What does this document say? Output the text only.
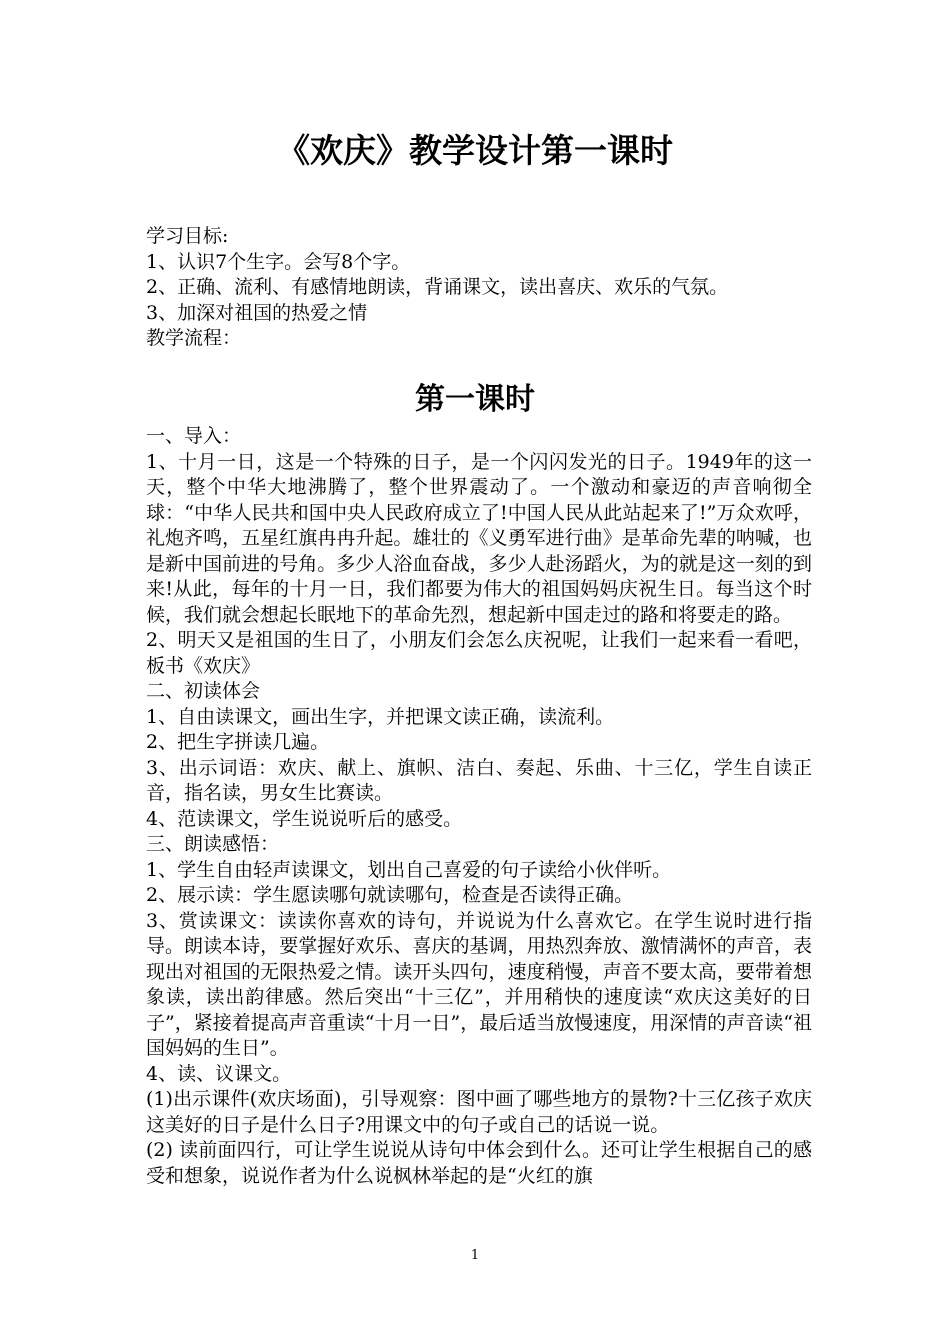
《欢庆》教学设计第一课时

学习目标:

1、认识7个生字。会写8个字。

2、正确、流利、有感情地朗读，背诵课文，读出喜庆、欢乐的气氛。

3、加深对祖国的热爱之情

教学流程：

第一课时

一、导入：

1、十月一日，这是一个特殊的日子，是一个闪闪发光的日子。1949年的这一天，整个中华大地沸腾了，整个世界震动了。一个激动和豪迈的声音响彻全球：“中华人民共和国中央人民政府成立了!中国人民从此站起来了!”万众欢呼，礼炮齐鸣，五星红旗冉冉升起。雄壮的《义勇军进行曲》是革命先辈的呐喊，也是新中国前进的号角。多少人浴血奋战，多少人赴汤蹈火，为的就是这一刻的到来!从此，每年的十月一日，我们都要为伟大的祖国妈妈庆祝生日。每当这个时候，我们就会想起长眠地下的革命先烈，想起新中国走过的路和将要走的路。

2、明天又是祖国的生日了，小朋友们会怎么庆祝呢，让我们一起来看一看吧，板书《欢庆》

二、初读体会

1、自由读课文，画出生字，并把课文读正确，读流利。

2、把生字拼读几遍。

3、出示词语：欢庆、献上、旗帜、洁白、奏起、乐曲、十三亿，学生自读正音，指名读，男女生比赛读。

4、范读课文，学生说说听后的感受。

三、朗读感悟：

1、学生自由轻声读课文，划出自己喜爱的句子读给小伙伴听。

2、展示读：学生愿读哪句就读哪句，检查是否读得正确。

3、赏读课文：读读你喜欢的诗句，并说说为什么喜欢它。在学生说时进行指导。朗读本诗，要掌握好欢乐、喜庆的基调，用热烈奔放、激情满怀的声音，表现出对祖国的无限热爱之情。读开头四句，速度稍慢，声音不要太高，要带着想象读，读出韵律感。然后突出“十三亿”，并用稍快的速度读“欢庆这美好的日子”，紧接着提高声音重读“十月一日”，最后适当放慢速度，用深情的声音读“祖国妈妈的生日”。

4、读、议课文。

(1)出示课件(欢庆场面)，引导观察：图中画了哪些地方的景物?十三亿孩子欢庆这美好的日子是什么日子?用课文中的句子或自己的话说一说。

(2) 读前面四行，可让学生说说从诗句中体会到什么。还可让学生根据自己的感受和想象，说说作者为什么说枫林举起的是“火红的旗

1
